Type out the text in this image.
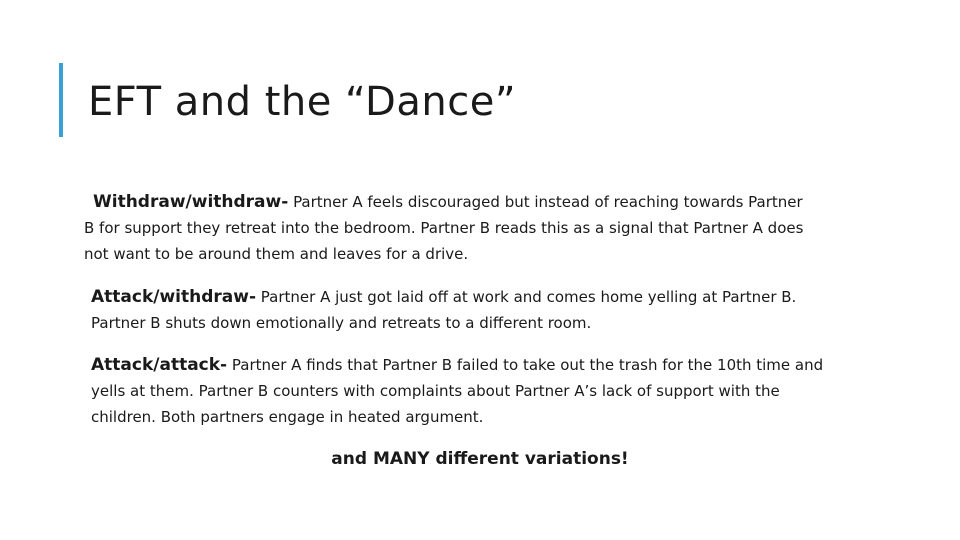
EFT and the “Dance”

Withdraw/withdraw- Partner A feels discouraged but instead of reaching towards Partner B for support they retreat into the bedroom. Partner B reads this as a signal that Partner A does not want to be around them and leaves for a drive.

Attack/withdraw- Partner A just got laid off at work and comes home yelling at Partner B. Partner B shuts down emotionally and retreats to a different room.

Attack/attack- Partner A finds that Partner B failed to take out the trash for the 10th time and yells at them. Partner B counters with complaints about Partner A’s lack of support with the children. Both partners engage in heated argument.

and MANY different variations!
